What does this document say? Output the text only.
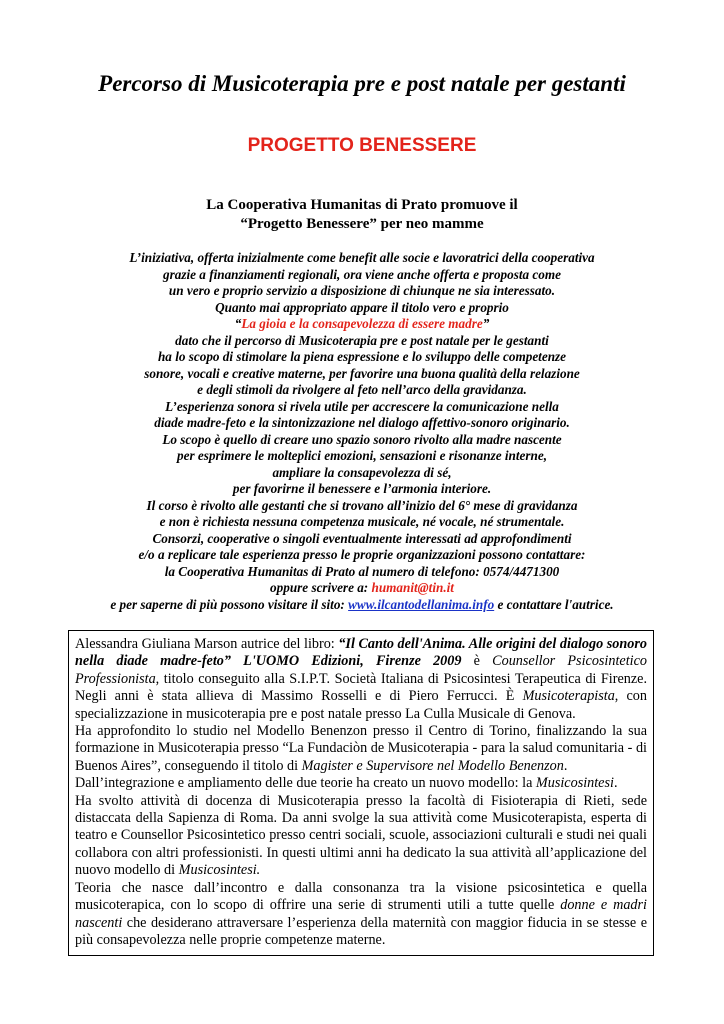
Percorso di Musicoterapia pre e post natale per gestanti
PROGETTO BENESSERE
La Cooperativa Humanitas di Prato promuove il
“Progetto Benessere” per neo mamme
L’iniziativa, offerta inizialmente come benefit alle socie e lavoratrici della cooperativa
grazie a finanziamenti regionali, ora viene anche offerta e proposta come
un vero e proprio servizio a disposizione di chiunque ne sia interessato.
Quanto mai appropriato appare il titolo vero e proprio
“La gioia e la consapevolezza di essere madre”
dato che il percorso di Musicoterapia pre e post natale per le gestanti
ha lo scopo di stimolare la piena espressione e lo sviluppo delle competenze
sonore, vocali e creative materne, per favorire una buona qualità della relazione
e degli stimoli da rivolgere al feto nell’arco della gravidanza.
L’esperienza sonora si rivela utile per accrescere la comunicazione nella
diade madre-feto e la sintonizzazione nel dialogo affettivo-sonoro originario.
Lo scopo è quello di creare uno spazio sonoro rivolto alla madre nascente
per esprimere le molteplici emozioni, sensazioni e risonanze interne,
ampliare la consapevolezza di sé,
per favorirne il benessere e l’armonia interiore.
Il corso è rivolto alle gestanti che si trovano all’inizio del 6° mese di gravidanza
e non è richiesta nessuna competenza musicale, né vocale, né strumentale.
Consorzi, cooperative o singoli eventualmente interessati ad approfondimenti
e/o a replicare tale esperienza presso le proprie organizzazioni possono contattare:
la Cooperativa Humanitas di Prato al numero di telefono: 0574/4471300
oppure scrivere a: humanit@tin.it
e per saperne di più possono visitare il sito: www.ilcantodellanima.info e contattare l'autrice.

Alessandra Giuliana Marson autrice del libro: “Il Canto dell'Anima. Alle origini del dialogo sonoro nella diade madre-feto” L'UOMO Edizioni, Firenze 2009 è Counsellor Psicosintetico Professionista, titolo conseguito alla S.I.P.T. Società Italiana di Psicosintesi Terapeutica di Firenze. Negli anni è stata allieva di Massimo Rosselli e di Piero Ferrucci. È Musicoterapista, con specializzazione in musicoterapia pre e post natale presso La Culla Musicale di Genova.

Ha approfondito lo studio nel Modello Benenzon presso il Centro di Torino, finalizzando la sua formazione in Musicoterapia presso “La Fundaciòn de Musicoterapia - para la salud comunitaria - di Buenos Aires”, conseguendo il titolo di Magister e Supervisore nel Modello Benenzon.

Dall’integrazione e ampliamento delle due teorie ha creato un nuovo modello: la Musicosintesi.

Ha svolto attività di docenza di Musicoterapia presso la facoltà di Fisioterapia di Rieti, sede distaccata della Sapienza di Roma. Da anni svolge la sua attività come Musicoterapista, esperta di teatro e Counsellor Psicosintetico presso centri sociali, scuole, associazioni culturali e studi nei quali collabora con altri professionisti. In questi ultimi anni ha dedicato la sua attività all’applicazione del nuovo modello di Musicosintesi.

Teoria che nasce dall’incontro e dalla consonanza tra la visione psicosintetica e quella musicoterapica, con lo scopo di offrire una serie di strumenti utili a tutte quelle donne e madri nascenti che desiderano attraversare l’esperienza della maternità con maggior fiducia in se stesse e più consapevolezza nelle proprie competenze materne.
